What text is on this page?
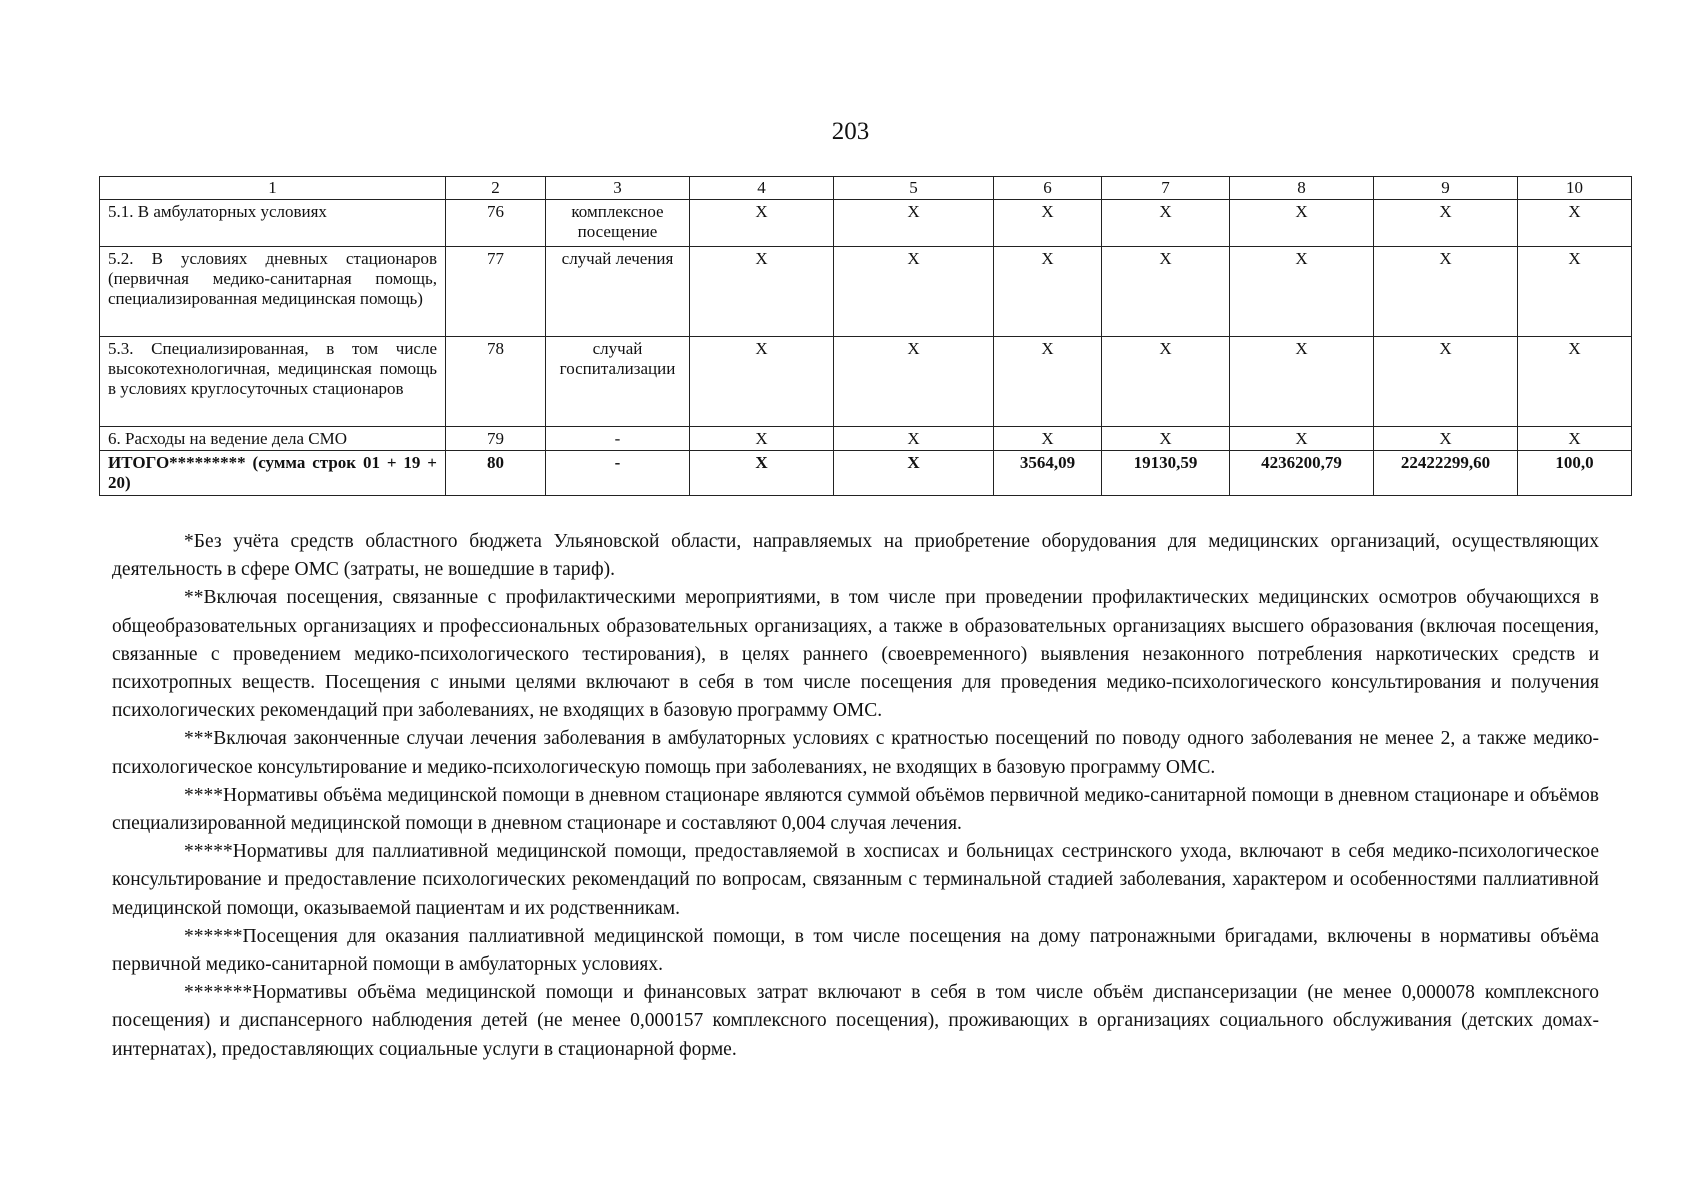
203
1	2	3	4	5	6	7	8	9	10
5.1. В амбулаторных условиях	76	комплексное посещение	X	X	X	X	X	X	X
5.2. В условиях дневных стационаров (первичная медико-санитарная помощь, специализированная медицинская помощь)	77	случай лечения	X	X	X	X	X	X	X
5.3. Специализированная, в том числе высокотехнологичная, медицинская помощь в условиях круглосуточных стационаров	78	случай госпитализации	X	X	X	X	X	X	X
6. Расходы на ведение дела СМО	79	-	X	X	X	X	X	X	X
ИТОГО********* (сумма строк 01 + 19 + 20)	80	-	X	X	3564,09	19130,59	4236200,79	22422299,60	100,0

*Без учёта средств областного бюджета Ульяновской области, направляемых на приобретение оборудования для медицинских организаций, осуществляющих деятельность в сфере ОМС (затраты, не вошедшие в тариф).

**Включая посещения, связанные с профилактическими мероприятиями, в том числе при проведении профилактических медицинских осмотров обучающихся в общеобразовательных организациях и профессиональных образовательных организациях, а также в образовательных организациях высшего образования (включая посещения, связанные с проведением медико-психологического тестирования), в целях раннего (своевременного) выявления незаконного потребления наркотических средств и психотропных веществ. Посещения с иными целями включают в себя в том числе посещения для проведения медико-психологического консультирования и получения психологических рекомендаций при заболеваниях, не входящих в базовую программу ОМС.

***Включая законченные случаи лечения заболевания в амбулаторных условиях с кратностью посещений по поводу одного заболевания не менее 2, а также медико-психологическое консультирование и медико-психологическую помощь при заболеваниях, не входящих в базовую программу ОМС.

****Нормативы объёма медицинской помощи в дневном стационаре являются суммой объёмов первичной медико-санитарной помощи в дневном стационаре и объёмов специализированной медицинской помощи в дневном стационаре и составляют 0,004 случая лечения.

*****Нормативы для паллиативной медицинской помощи, предоставляемой в хосписах и больницах сестринского ухода, включают в себя медико-психологическое консультирование и предоставление психологических рекомендаций по вопросам, связанным с терминальной стадией заболевания, характером и особенностями паллиативной медицинской помощи, оказываемой пациентам и их родственникам.

******Посещения для оказания паллиативной медицинской помощи, в том числе посещения на дому патронажными бригадами, включены в нормативы объёма первичной медико-санитарной помощи в амбулаторных условиях.

*******Нормативы объёма медицинской помощи и финансовых затрат включают в себя в том числе объём диспансеризации (не менее 0,000078 комплексного посещения) и диспансерного наблюдения детей (не менее 0,000157 комплексного посещения), проживающих в организациях социального обслуживания (детских домах-интернатах), предоставляющих социальные услуги в стационарной форме.
